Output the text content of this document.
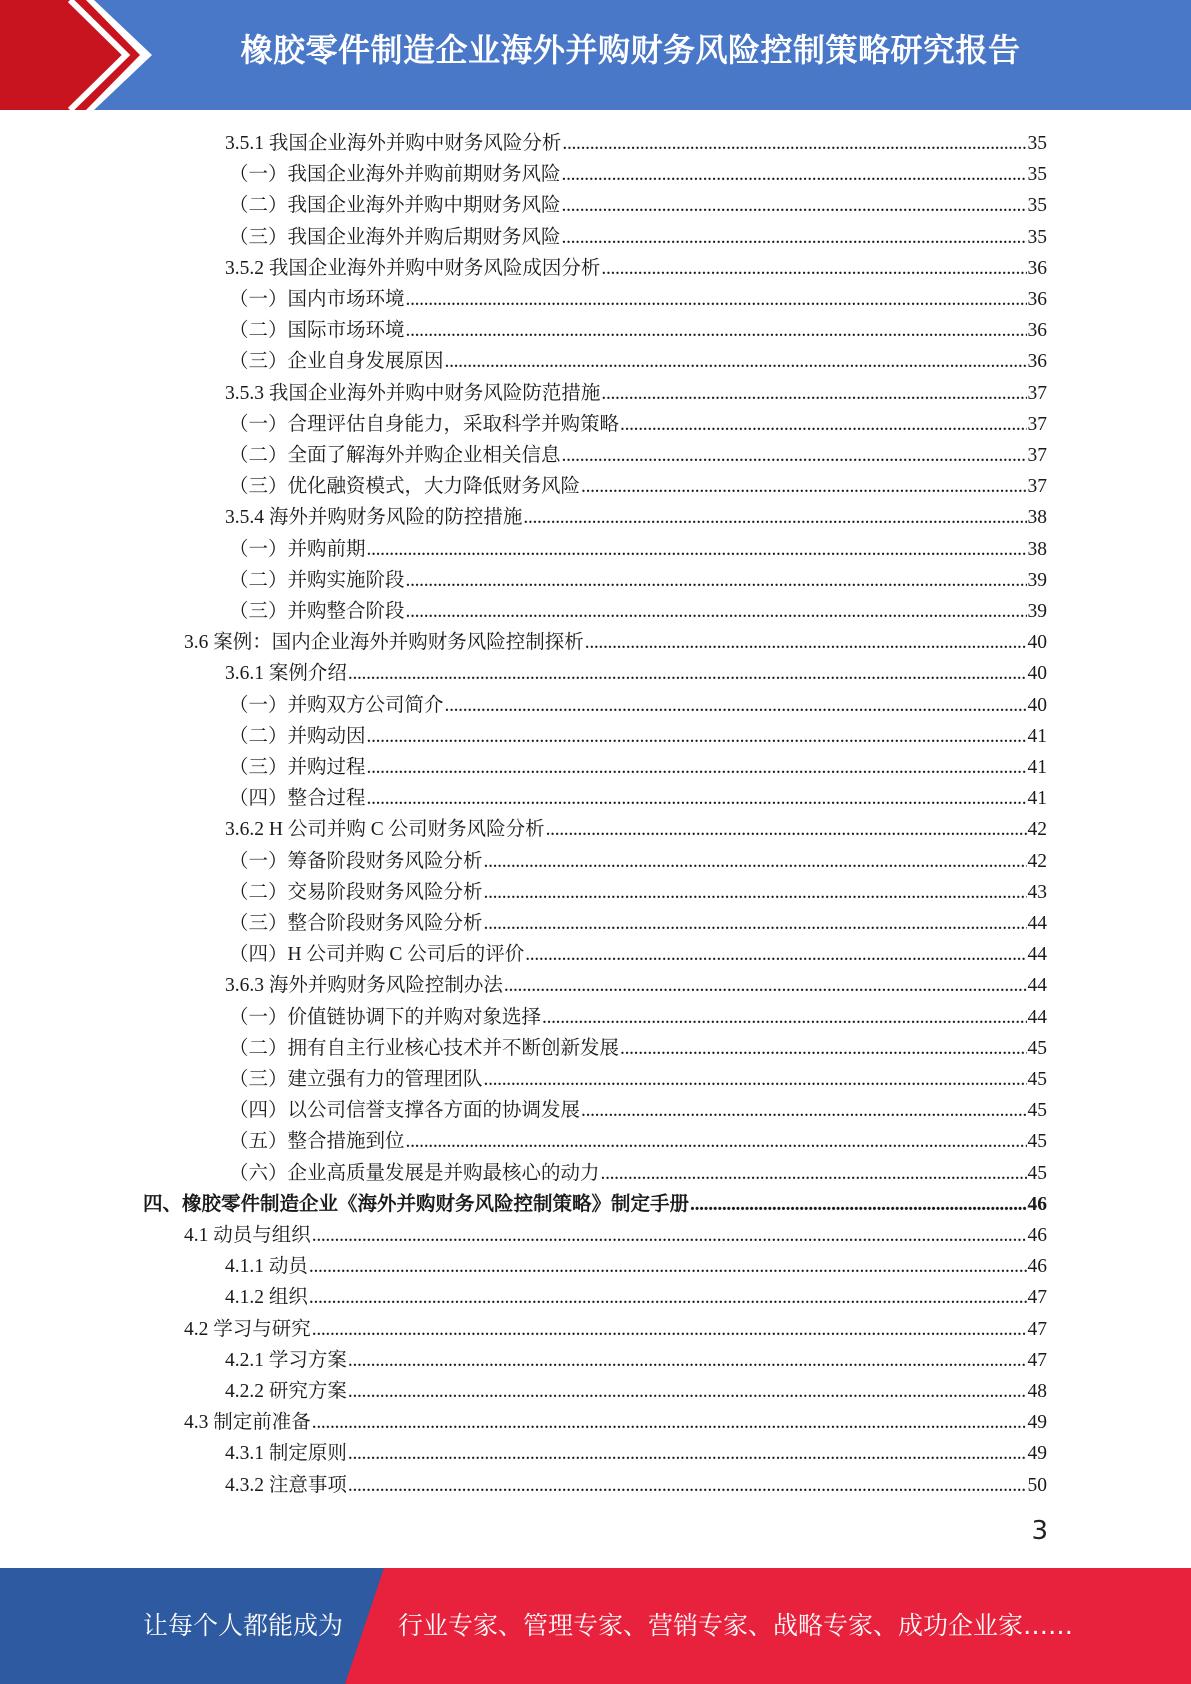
橡胶零件制造企业海外并购财务风险控制策略研究报告
3.5.1 我国企业海外并购中财务风险分析 . . .	35
（一）我国企业海外并购前期财务风险 . . .	35
（二）我国企业海外并购中期财务风险 . . .	35
（三）我国企业海外并购后期财务风险 . . .	35
3.5.2 我国企业海外并购中财务风险成因分析 . . .	36
（一）国内市场环境 . . .	36
（二）国际市场环境 . . .	36
（三）企业自身发展原因 . . .	36
3.5.3 我国企业海外并购中财务风险防范措施 . . .	37
（一）合理评估自身能力，采取科学并购策略 . . .	37
（二）全面了解海外并购企业相关信息 . . .	37
（三）优化融资模式，大力降低财务风险 . . .	37
3.5.4 海外并购财务风险的防控措施 . . .	38
（一）并购前期 . . .	38
（二）并购实施阶段 . . .	39
（三）并购整合阶段 . . .	39
3.6 案例：国内企业海外并购财务风险控制探析 . . .	40
3.6.1 案例介绍 . . .	40
（一）并购双方公司简介 . . .	40
（二）并购动因 . . .	41
（三）并购过程 . . .	41
（四）整合过程 . . .	41
3.6.2 H 公司并购 C 公司财务风险分析 . . .	42
（一）筹备阶段财务风险分析 . . .	42
（二）交易阶段财务风险分析 . . .	43
（三）整合阶段财务风险分析 . . .	44
（四）H 公司并购 C 公司后的评价 . . .	44
3.6.3 海外并购财务风险控制办法 . . .	44
（一）价值链协调下的并购对象选择 . . .	44
（二）拥有自主行业核心技术并不断创新发展 . . .	45
（三）建立强有力的管理团队 . . .	45
（四）以公司信誉支撑各方面的协调发展 . . .	45
（五）整合措施到位 . . .	45
（六）企业高质量发展是并购最核心的动力 . . .	45
四、橡胶零件制造企业《海外并购财务风险控制策略》制定手册 . . .	46
4.1 动员与组织 . . .	46
4.1.1 动员 . . .	46
4.1.2 组织 . . .	47
4.2 学习与研究 . . .	47
4.2.1 学习方案 . . .	47
4.2.2 研究方案 . . .	48
4.3 制定前准备 . . .	49
4.3.1 制定原则 . . .	49
4.3.2 注意事项 . . .	50
3
让每个人都能成为 行业专家、管理专家、营销专家、战略专家、成功企业家……
